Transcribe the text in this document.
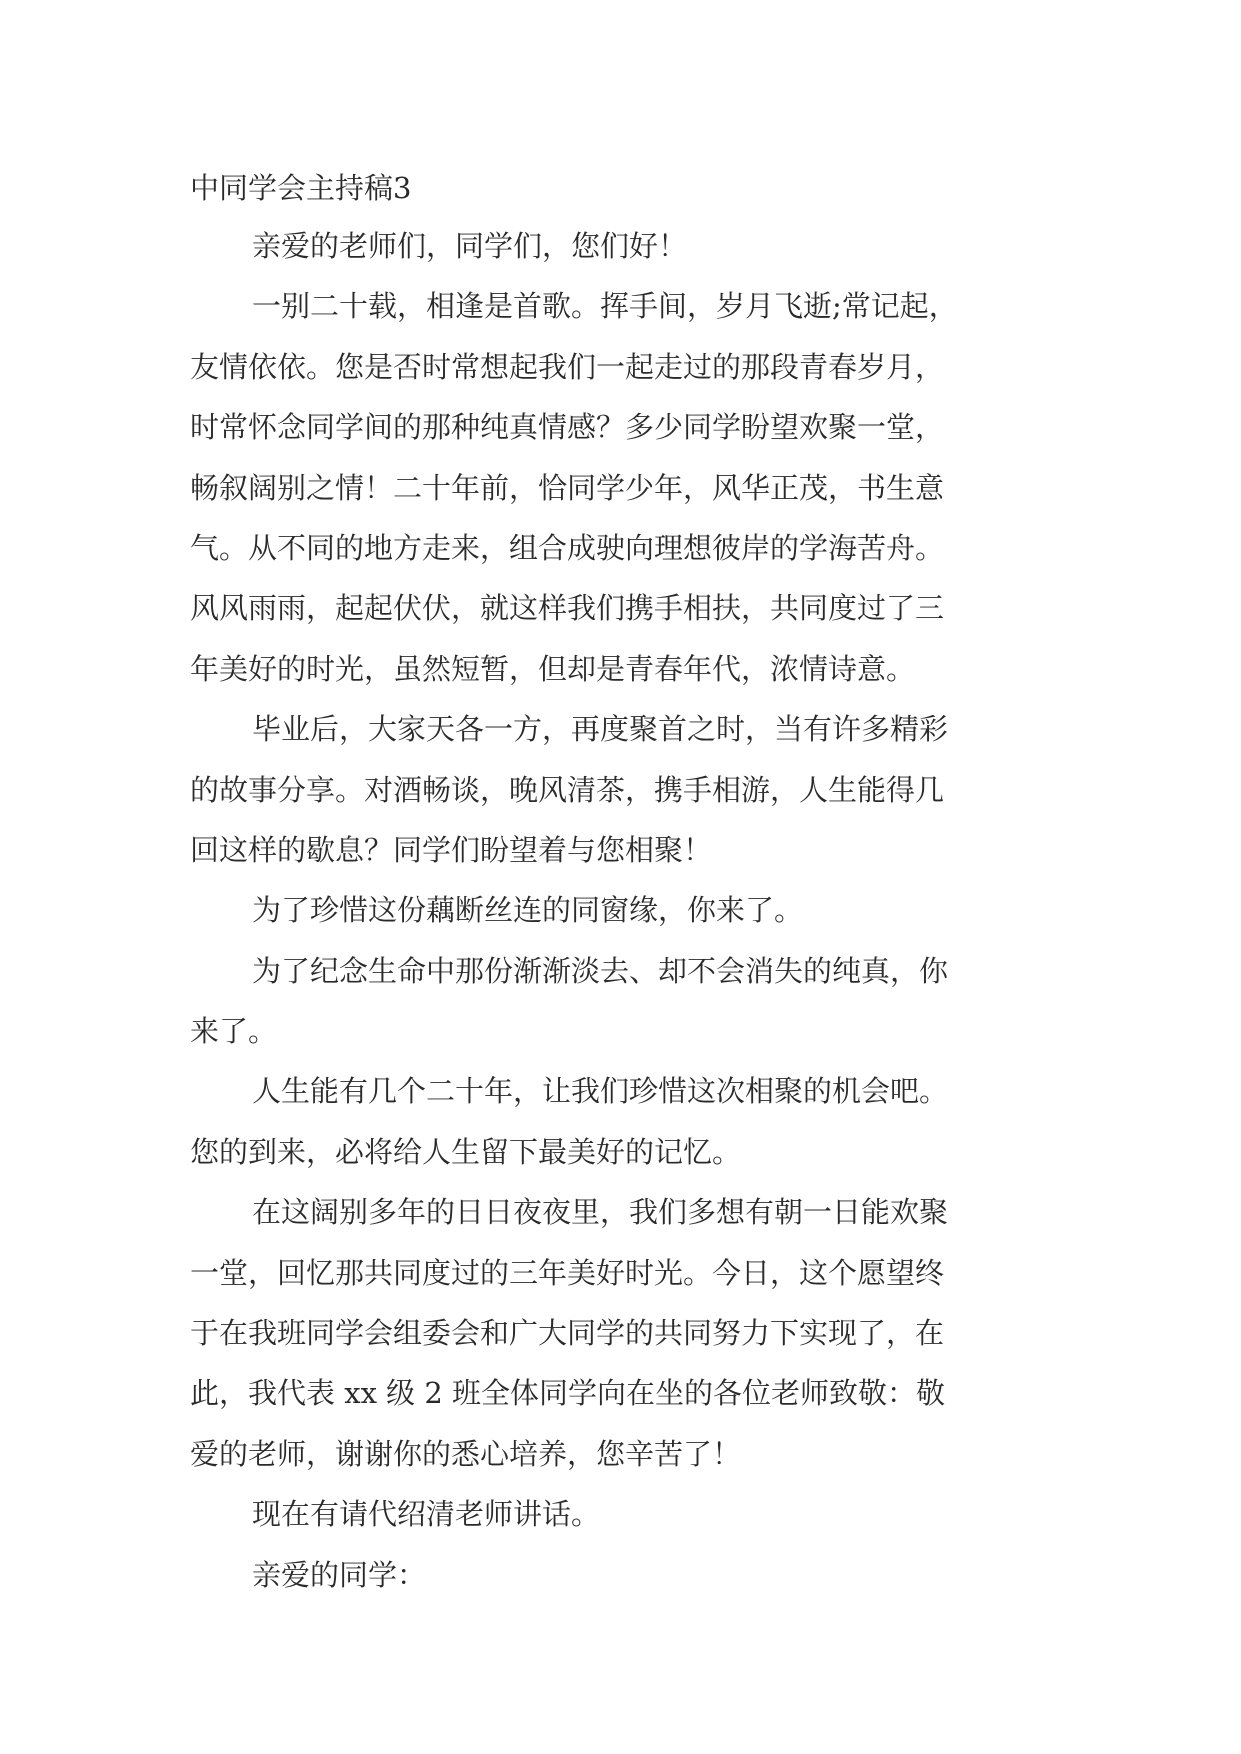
中同学会主持稿3
亲爱的老师们，同学们，您们好！
一别二十载，相逢是首歌。挥手间，岁月飞逝;常记起，
友情依依。您是否时常想起我们一起走过的那段青春岁月，
时常怀念同学间的那种纯真情感？多少同学盼望欢聚一堂，
畅叙阔别之情！二十年前，恰同学少年，风华正茂，书生意
气。从不同的地方走来，组合成驶向理想彼岸的学海苦舟。
风风雨雨，起起伏伏，就这样我们携手相扶，共同度过了三
年美好的时光，虽然短暂，但却是青春年代，浓情诗意。
毕业后，大家天各一方，再度聚首之时，当有许多精彩
的故事分享。对酒畅谈，晚风清茶，携手相游，人生能得几
回这样的歇息？同学们盼望着与您相聚！
为了珍惜这份藕断丝连的同窗缘，你来了。
为了纪念生命中那份渐渐淡去、却不会消失的纯真，你
来了。
人生能有几个二十年，让我们珍惜这次相聚的机会吧。
您的到来，必将给人生留下最美好的记忆。
在这阔别多年的日日夜夜里，我们多想有朝一日能欢聚
一堂，回忆那共同度过的三年美好时光。今日，这个愿望终
于在我班同学会组委会和广大同学的共同努力下实现了，在
此，我代表 xx 级 2 班全体同学向在坐的各位老师致敬：敬
爱的老师，谢谢你的悉心培养，您辛苦了！
现在有请代绍清老师讲话。
亲爱的同学：
